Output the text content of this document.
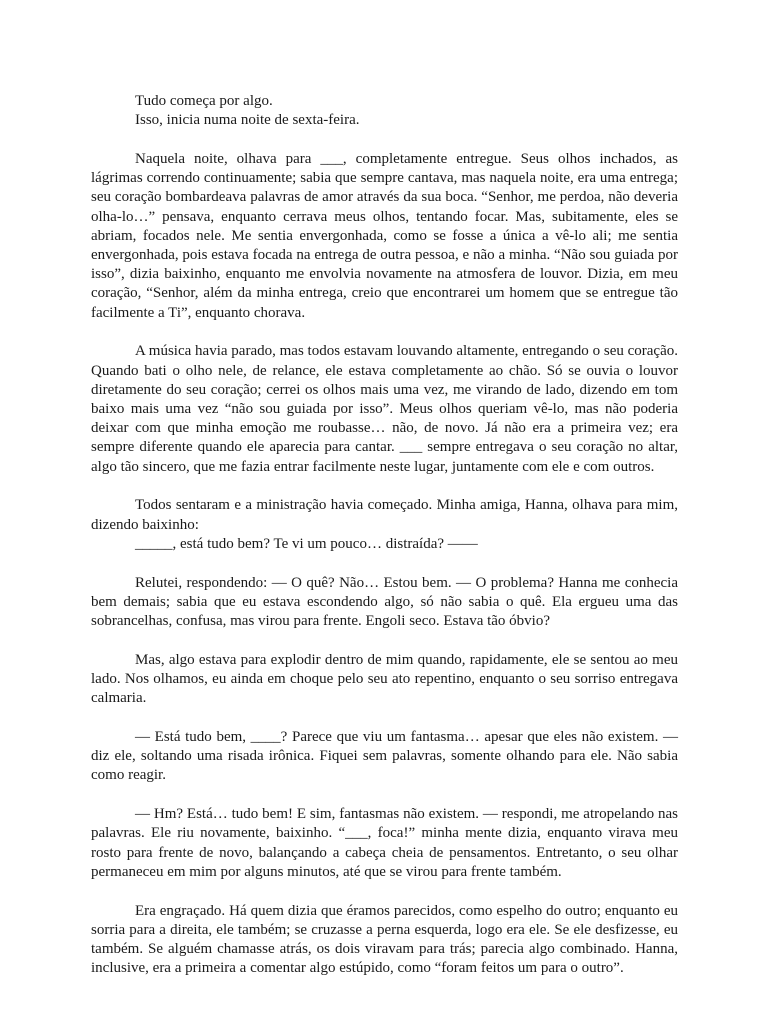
Tudo começa por algo.

Isso, inicia numa noite de sexta-feira.

Naquela noite, olhava para ___, completamente entregue. Seus olhos inchados, as lágrimas correndo continuamente; sabia que sempre cantava, mas naquela noite, era uma entrega; seu coração bombardeava palavras de amor através da sua boca. “Senhor, me perdoa, não deveria olha-lo…” pensava, enquanto cerrava meus olhos, tentando focar. Mas, subitamente, eles se abriam, focados nele. Me sentia envergonhada, como se fosse a única a vê-lo ali; me sentia envergonhada, pois estava focada na entrega de outra pessoa, e não a minha. “Não sou guiada por isso”, dizia baixinho, enquanto me envolvia novamente na atmosfera de louvor. Dizia, em meu coração, “Senhor, além da minha entrega, creio que encontrarei um homem que se entregue tão facilmente a Ti”, enquanto chorava.

A música havia parado, mas todos estavam louvando altamente, entregando o seu coração. Quando bati o olho nele, de relance, ele estava completamente ao chão. Só se ouvia o louvor diretamente do seu coração; cerrei os olhos mais uma vez, me virando de lado, dizendo em tom baixo mais uma vez “não sou guiada por isso”. Meus olhos queriam vê-lo, mas não poderia deixar com que minha emoção me roubasse… não, de novo. Já não era a primeira vez; era sempre diferente quando ele aparecia para cantar. ___ sempre entregava o seu coração no altar, algo tão sincero, que me fazia entrar facilmente neste lugar, juntamente com ele e com outros.

Todos sentaram e a ministração havia começado. Minha amiga, Hanna, olhava para mim, dizendo baixinho:

_____, está tudo bem? Te vi um pouco… distraída? ——

Relutei, respondendo: — O quê? Não… Estou bem. — O problema? Hanna me conhecia bem demais; sabia que eu estava escondendo algo, só não sabia o quê. Ela ergueu uma das sobrancelhas, confusa, mas virou para frente. Engoli seco. Estava tão óbvio?

Mas, algo estava para explodir dentro de mim quando, rapidamente, ele se sentou ao meu lado. Nos olhamos, eu ainda em choque pelo seu ato repentino, enquanto o seu sorriso entregava calmaria.

— Está tudo bem, ____? Parece que viu um fantasma… apesar que eles não existem. — diz ele, soltando uma risada irônica. Fiquei sem palavras, somente olhando para ele. Não sabia como reagir.

— Hm? Está… tudo bem! E sim, fantasmas não existem. — respondi, me atropelando nas palavras. Ele riu novamente, baixinho. “___, foca!” minha mente dizia, enquanto virava meu rosto para frente de novo, balançando a cabeça cheia de pensamentos. Entretanto, o seu olhar permaneceu em mim por alguns minutos, até que se virou para frente também.

Era engraçado. Há quem dizia que éramos parecidos, como espelho do outro; enquanto eu sorria para a direita, ele também; se cruzasse a perna esquerda, logo era ele. Se ele desfizesse, eu também. Se alguém chamasse atrás, os dois viravam para trás; parecia algo combinado. Hanna, inclusive, era a primeira a comentar algo estúpido, como “foram feitos um para o outro”.
